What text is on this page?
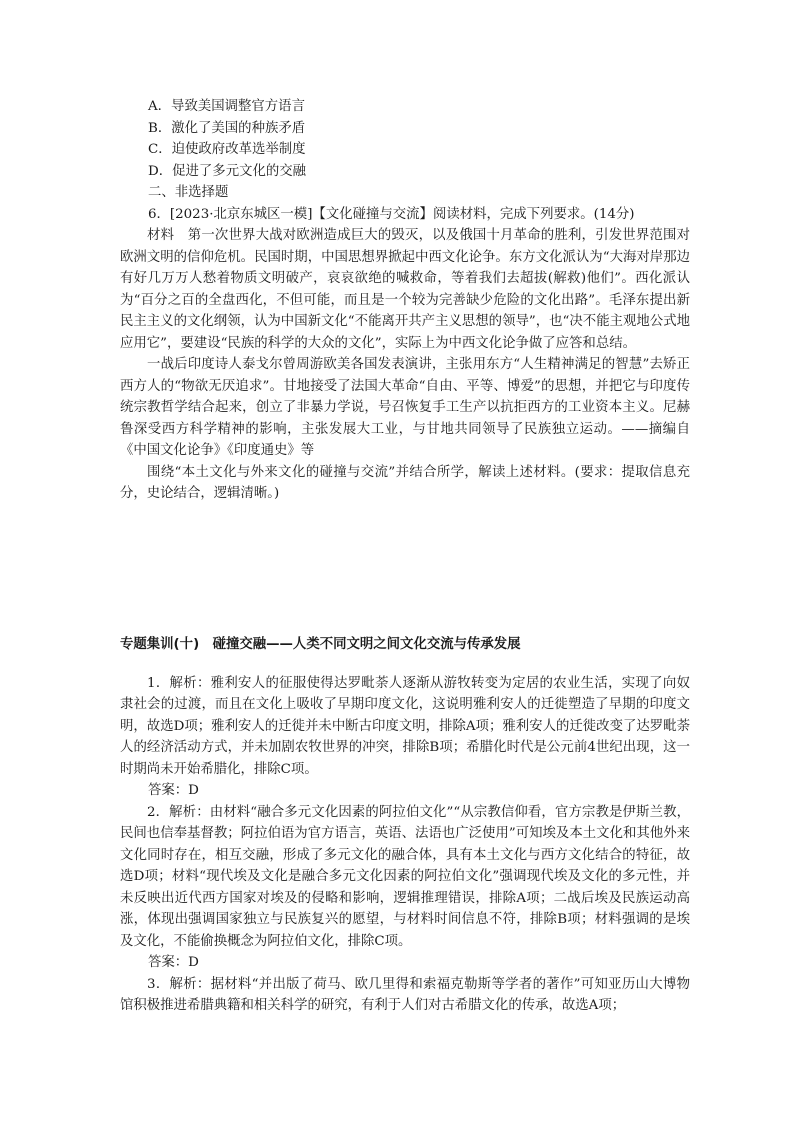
A．导致美国调整官方语言
B．激化了美国的种族矛盾
C．迫使政府改革选举制度
D．促进了多元文化的交融
二、非选择题
6．[2023·北京东城区一模]【文化碰撞与交流】阅读材料，完成下列要求。(14分)
材料　第一次世界大战对欧洲造成巨大的毁灭，以及俄国十月革命的胜利，引发世界范围对欧洲文明的信仰危机。民国时期，中国思想界掀起中西文化论争。东方文化派认为“大海对岸那边有好几万万人愁着物质文明破产，哀哀欲绝的喊救命，等着我们去超拔(解救)他们”。西化派认为“百分之百的全盘西化，不但可能，而且是一个较为完善缺少危险的文化出路”。毛泽东提出新民主主义的文化纲领，认为中国新文化“不能离开共产主义思想的领导”，也“决不能主观地公式地应用它”，要建设“民族的科学的大众的文化”，实际上为中西文化论争做了应答和总结。
一战后印度诗人泰戈尔曾周游欧美各国发表演讲，主张用东方“人生精神满足的智慧”去矫正西方人的“物欲无厌追求”。甘地接受了法国大革命“自由、平等、博爱”的思想，并把它与印度传统宗教哲学结合起来，创立了非暴力学说，号召恢复手工生产以抗拒西方的工业资本主义。尼赫鲁深受西方科学精神的影响，主张发展大工业，与甘地共同领导了民族独立运动。——摘编自《中国文化论争》《印度通史》等
围绕“本土文化与外来文化的碰撞与交流”并结合所学，解读上述材料。(要求：提取信息充分，史论结合，逻辑清晰。)
专题集训(十)　碰撞交融——人类不同文明之间文化交流与传承发展
1．解析：雅利安人的征服使得达罗毗荼人逐渐从游牧转变为定居的农业生活，实现了向奴隶社会的过渡，而且在文化上吸收了早期印度文化，这说明雅利安人的迁徙塑造了早期的印度文明，故选D项；雅利安人的迁徙并未中断古印度文明，排除A项；雅利安人的迁徙改变了达罗毗荼人的经济活动方式，并未加剧农牧世界的冲突，排除B项；希腊化时代是公元前4世纪出现，这一时期尚未开始希腊化，排除C项。
答案：D
2．解析：由材料“融合多元文化因素的阿拉伯文化”“从宗教信仰看，官方宗教是伊斯兰教，民间也信奉基督教；阿拉伯语为官方语言，英语、法语也广泛使用”可知埃及本土文化和其他外来文化同时存在，相互交融，形成了多元文化的融合体，具有本土文化与西方文化结合的特征，故选D项；材料“现代埃及文化是融合多元文化因素的阿拉伯文化”强调现代埃及文化的多元性，并未反映出近代西方国家对埃及的侵略和影响，逻辑推理错误，排除A项；二战后埃及民族运动高涨，体现出强调国家独立与民族复兴的愿望，与材料时间信息不符，排除B项；材料强调的是埃及文化，不能偷换概念为阿拉伯文化，排除C项。
答案：D
3．解析：据材料“并出版了荷马、欧几里得和索福克勒斯等学者的著作”可知亚历山大博物馆积极推进希腊典籍和相关科学的研究，有利于人们对古希腊文化的传承，故选A项；
